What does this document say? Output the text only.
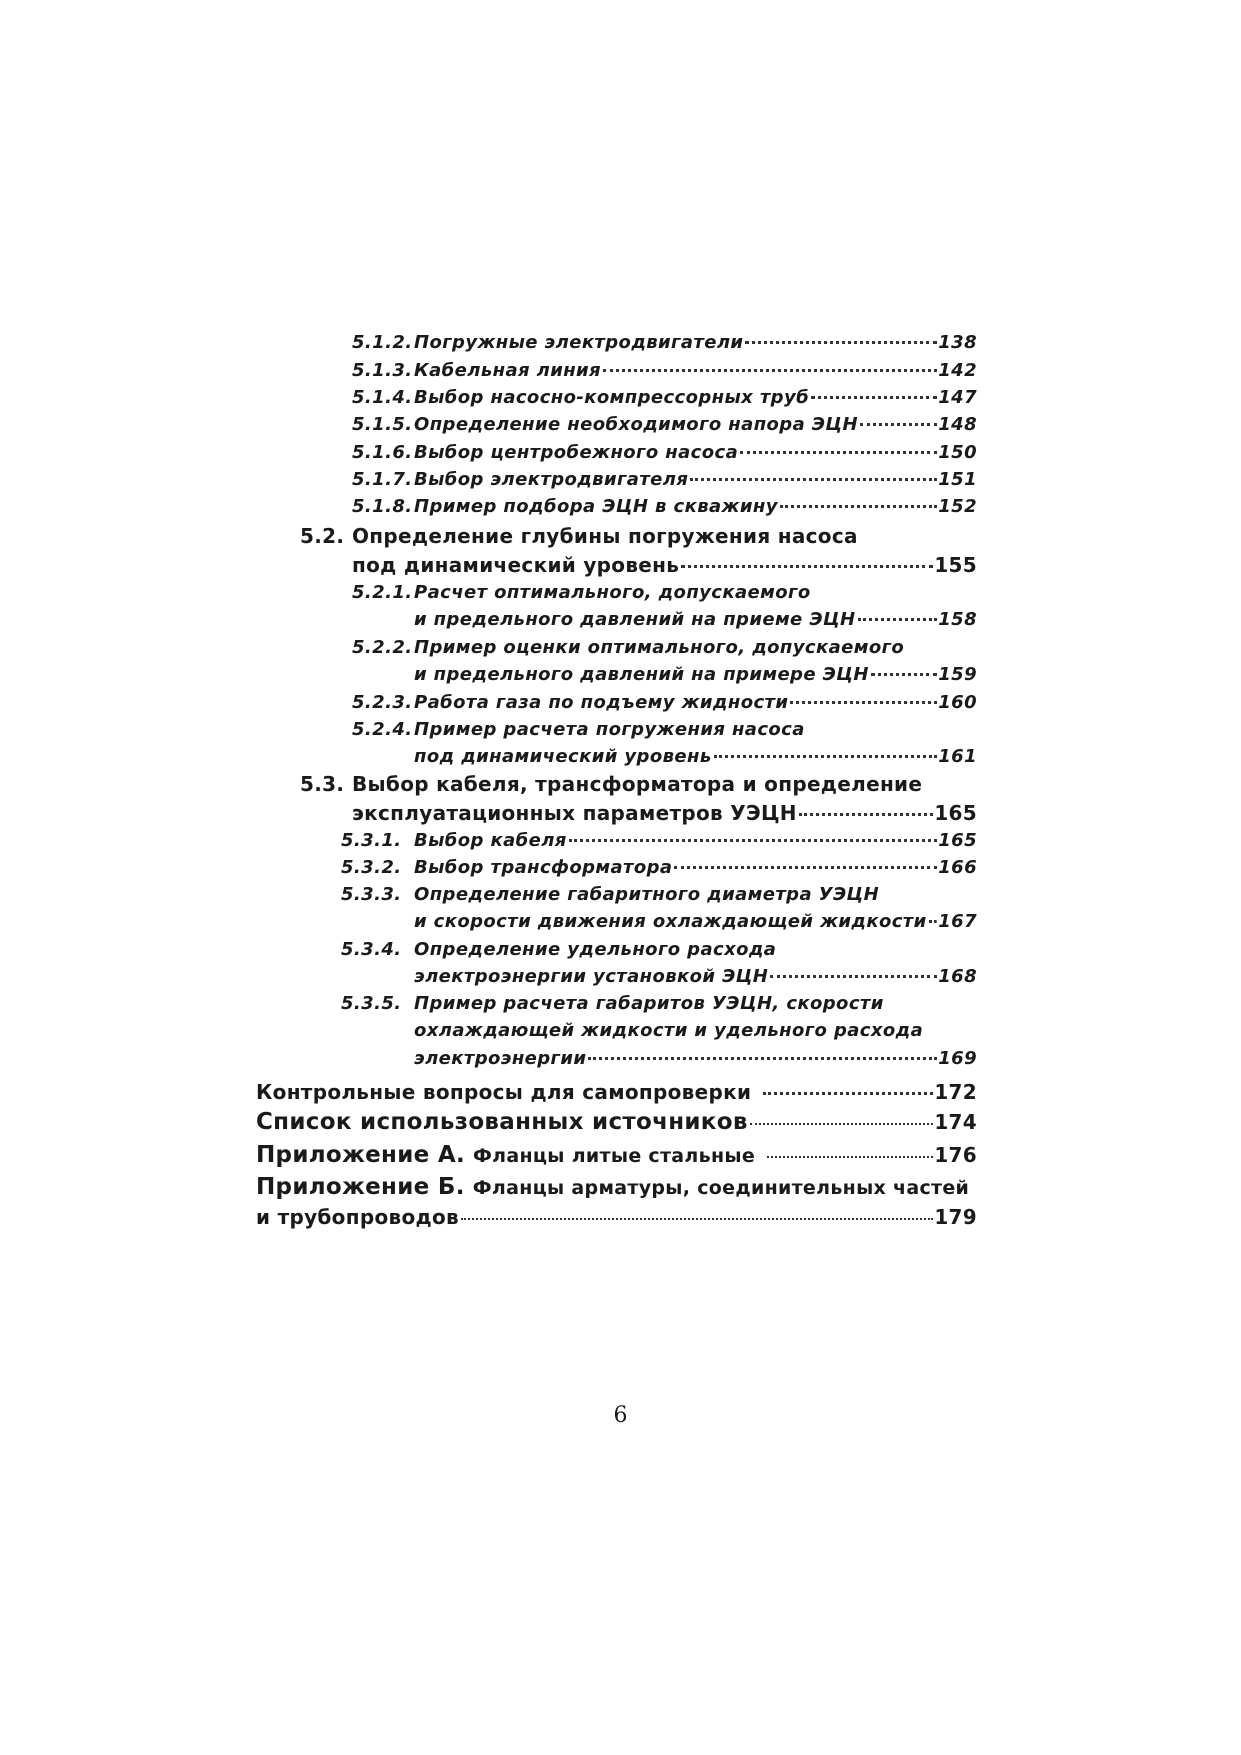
5.1.2. Погружные электродвигатели	138
5.1.3. Кабельная линия	142
5.1.4. Выбор насосно-компрессорных труб	147
5.1.5. Определение необходимого напора ЭЦН	148
5.1.6. Выбор центробежного насоса	150
5.1.7. Выбор электродвигателя	151
5.1.8. Пример подбора ЭЦН в скважину	152
5.2. Определение глубины погружения насоса
под динамический уровень	155
5.2.1. Расчет оптимального, допускаемого
и предельного давлений на приеме ЭЦН	158
5.2.2. Пример оценки оптимального, допускаемого
и предельного давлений на примере ЭЦН	159
5.2.3. Работа газа по подъему жидности	160
5.2.4. Пример расчета погружения насоса
под динамический уровень	161
5.3. Выбор кабеля, трансформатора и определение
эксплуатационных параметров УЭЦН	165
5.3.1. Выбор кабеля	165
5.3.2. Выбор трансформатора	166
5.3.3. Определение габаритного диаметра УЭЦН
и скорости движения охлаждающей жидкости 167
5.3.4. Определение удельного расхода
электроэнергии установкой ЭЦН	168
5.3.5. Пример расчета габаритов УЭЦН, скорости
охлаждающей жидкости и удельного расхода
электроэнергии	169
Контрольные вопросы для самопроверки	172
Список использованных источников	174
Приложение А. Фланцы литые стальные	176
Приложение Б. Фланцы арматуры, соединительных частей
и трубопроводов	179
6
